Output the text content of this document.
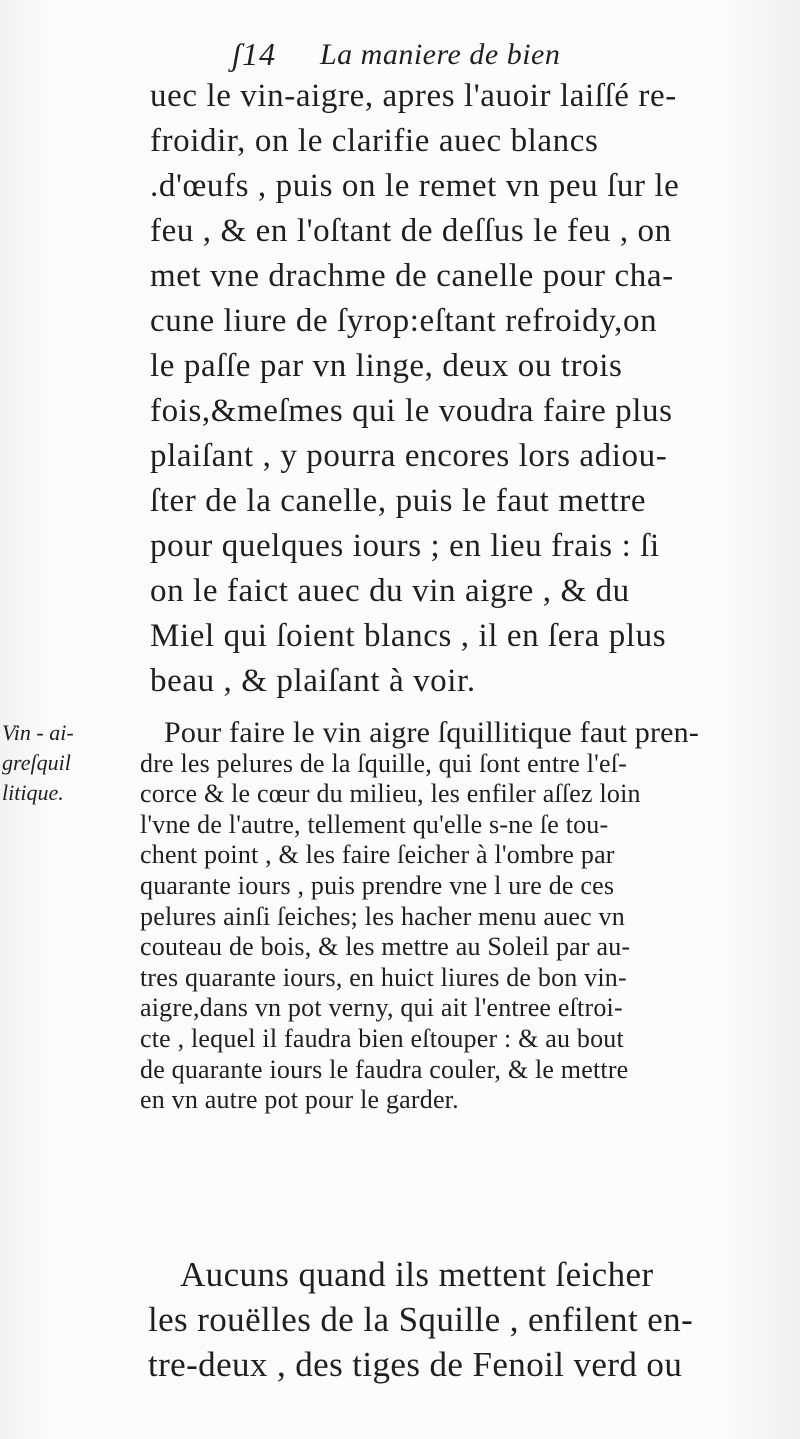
ʃ14 La maniere de bien
uec le vin-aigre, apres l'auoir laiſſé re-
froidir, on le clarifie auec blancs
.d'œufs , puis on le remet vn peu ſur le
feu , & en l'oſtant de deſſus le feu , on
met vne drachme de canelle pour cha-
cune liure de ſyrop:eſtant refroidy,on
le paſſe par vn linge, deux ou trois
fois,&meſmes qui le voudra faire plus
plaiſant , y pourra encores lors adiou-
ſter de la canelle, puis le faut mettre
pour quelques iours ; en lieu frais : ſi
on le faict auec du vin aigre , & du
Miel qui ſoient blancs , il en ſera plus
beau , & plaiſant à voir.
Vin - ai-
greſquil
litique.
Pour faire le vin aigre ſquillitique faut pren-
dre les pelures de la ſquille, qui ſont entre l'eſ-
corce & le cœur du milieu, les enfiler aſſez loin
l'vne de l'autre, tellement qu'elle s-ne ſe tou-
chent point , & les faire ſeicher à l'ombre par
quarante iours , puis prendre vne l ure de ces
pelures ainſi ſeiches; les hacher menu auec vn
couteau de bois, & les mettre au Soleil par au-
tres quarante iours, en huict liures de bon vin-
aigre,dans vn pot verny, qui ait l'entree eſtroi-
cte , lequel il faudra bien eſtouper : & au bout
de quarante iours le faudra couler, & le mettre
en vn autre pot pour le garder.
Aucuns quand ils mettent ſeicher
les rouëlles de la Squille , enfilent en-
tre-deux , des tiges de Fenoil verd ou
